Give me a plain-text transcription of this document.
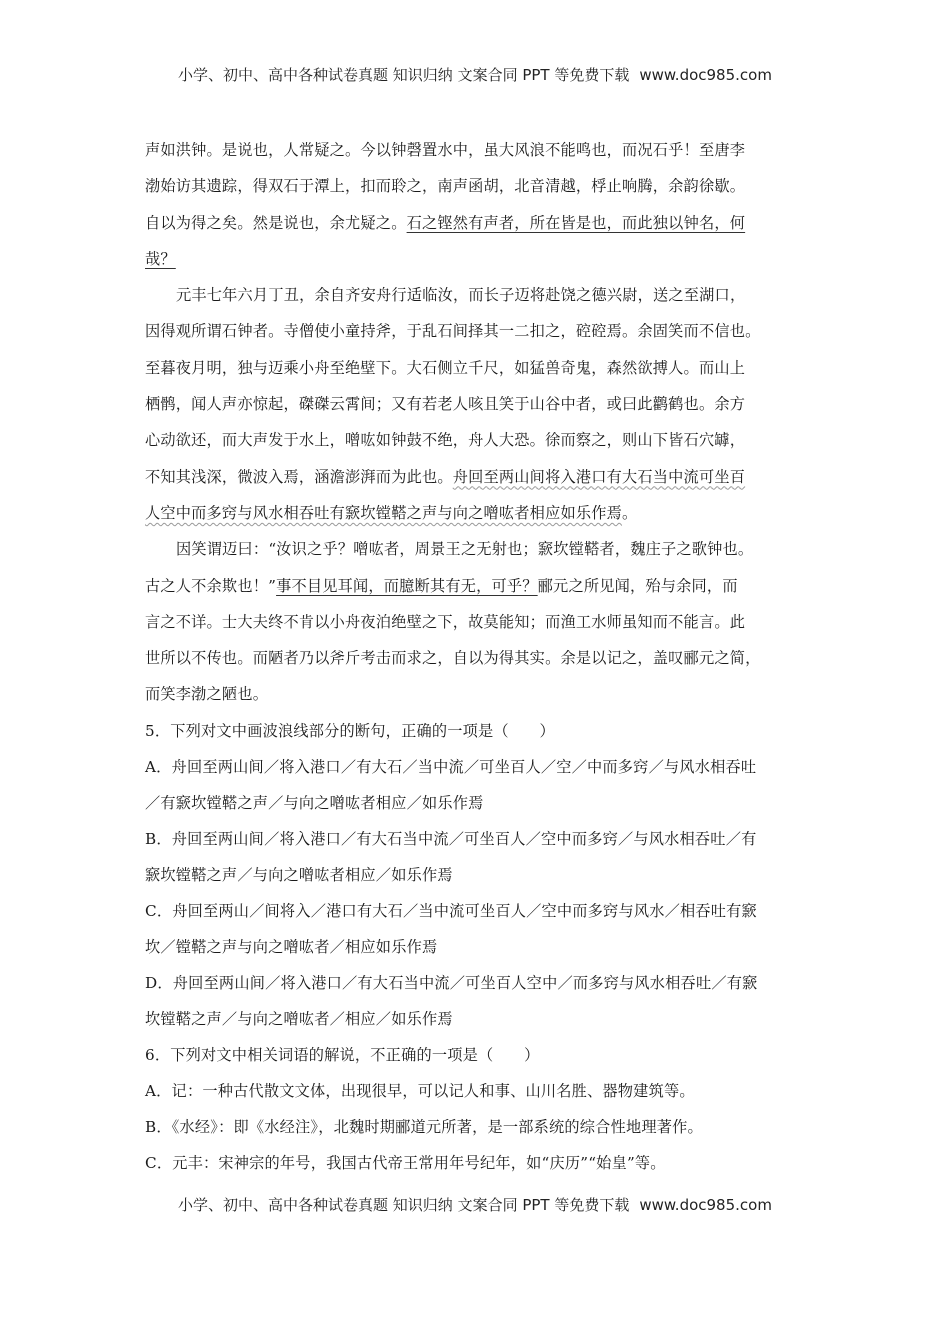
小学、初中、高中各种试卷真题 知识归纳 文案合同 PPT 等免费下载 www.doc985.com
声如洪钟。是说也，人常疑之。今以钟磬置水中，虽大风浪不能鸣也，而况石乎！至唐李
渤始访其遗踪，得双石于潭上，扣而聆之，南声函胡，北音清越，桴止响腾，余韵徐歇。
自以为得之矣。然是说也，余尤疑之。石之铿然有声者，所在皆是也，而此独以钟名，何
哉？
元丰七年六月丁丑，余自齐安舟行适临汝，而长子迈将赴饶之德兴尉，送之至湖口，
因得观所谓石钟者。寺僧使小童持斧，于乱石间择其一二扣之，硿硿焉。余固笑而不信也。
至暮夜月明，独与迈乘小舟至绝壁下。大石侧立千尺，如猛兽奇鬼，森然欲搏人。而山上
栖鹘，闻人声亦惊起，磔磔云霄间；又有若老人咳且笑于山谷中者，或曰此鹳鹤也。余方
心动欲还，而大声发于水上，噌吰如钟鼓不绝，舟人大恐。徐而察之，则山下皆石穴罅，
不知其浅深，微波入焉，涵澹澎湃而为此也。舟回至两山间将入港口有大石当中流可坐百
人空中而多窍与风水相吞吐有窾坎镗鞳之声与向之噌吰者相应如乐作焉。
因笑谓迈曰：“汝识之乎？噌吰者，周景王之无射也；窾坎镗鞳者，魏庄子之歌钟也。
古之人不余欺也！”事不目见耳闻，而臆断其有无，可乎？郦元之所见闻，殆与余同，而
言之不详。士大夫终不肯以小舟夜泊绝壁之下，故莫能知；而渔工水师虽知而不能言。此
世所以不传也。而陋者乃以斧斤考击而求之，自以为得其实。余是以记之，盖叹郦元之简，
而笑李渤之陋也。
5．下列对文中画波浪线部分的断句，正确的一项是（　　）
A．舟回至两山间／将入港口／有大石／当中流／可坐百人／空／中而多窍／与风水相吞吐
／有窾坎镗鞳之声／与向之噌吰者相应／如乐作焉
B．舟回至两山间／将入港口／有大石当中流／可坐百人／空中而多窍／与风水相吞吐／有
窾坎镗鞳之声／与向之噌吰者相应／如乐作焉
C．舟回至两山／间将入／港口有大石／当中流可坐百人／空中而多窍与风水／相吞吐有窾
坎／镗鞳之声与向之噌吰者／相应如乐作焉
D．舟回至两山间／将入港口／有大石当中流／可坐百人空中／而多窍与风水相吞吐／有窾
坎镗鞳之声／与向之噌吰者／相应／如乐作焉
6．下列对文中相关词语的解说，不正确的一项是（　　）
A．记：一种古代散文文体，出现很早，可以记人和事、山川名胜、器物建筑等。
B．《水经》：即《水经注》，北魏时期郦道元所著，是一部系统的综合性地理著作。
C．元丰：宋神宗的年号，我国古代帝王常用年号纪年，如“庆历”“始皇”等。
小学、初中、高中各种试卷真题 知识归纳 文案合同 PPT 等免费下载 www.doc985.com
